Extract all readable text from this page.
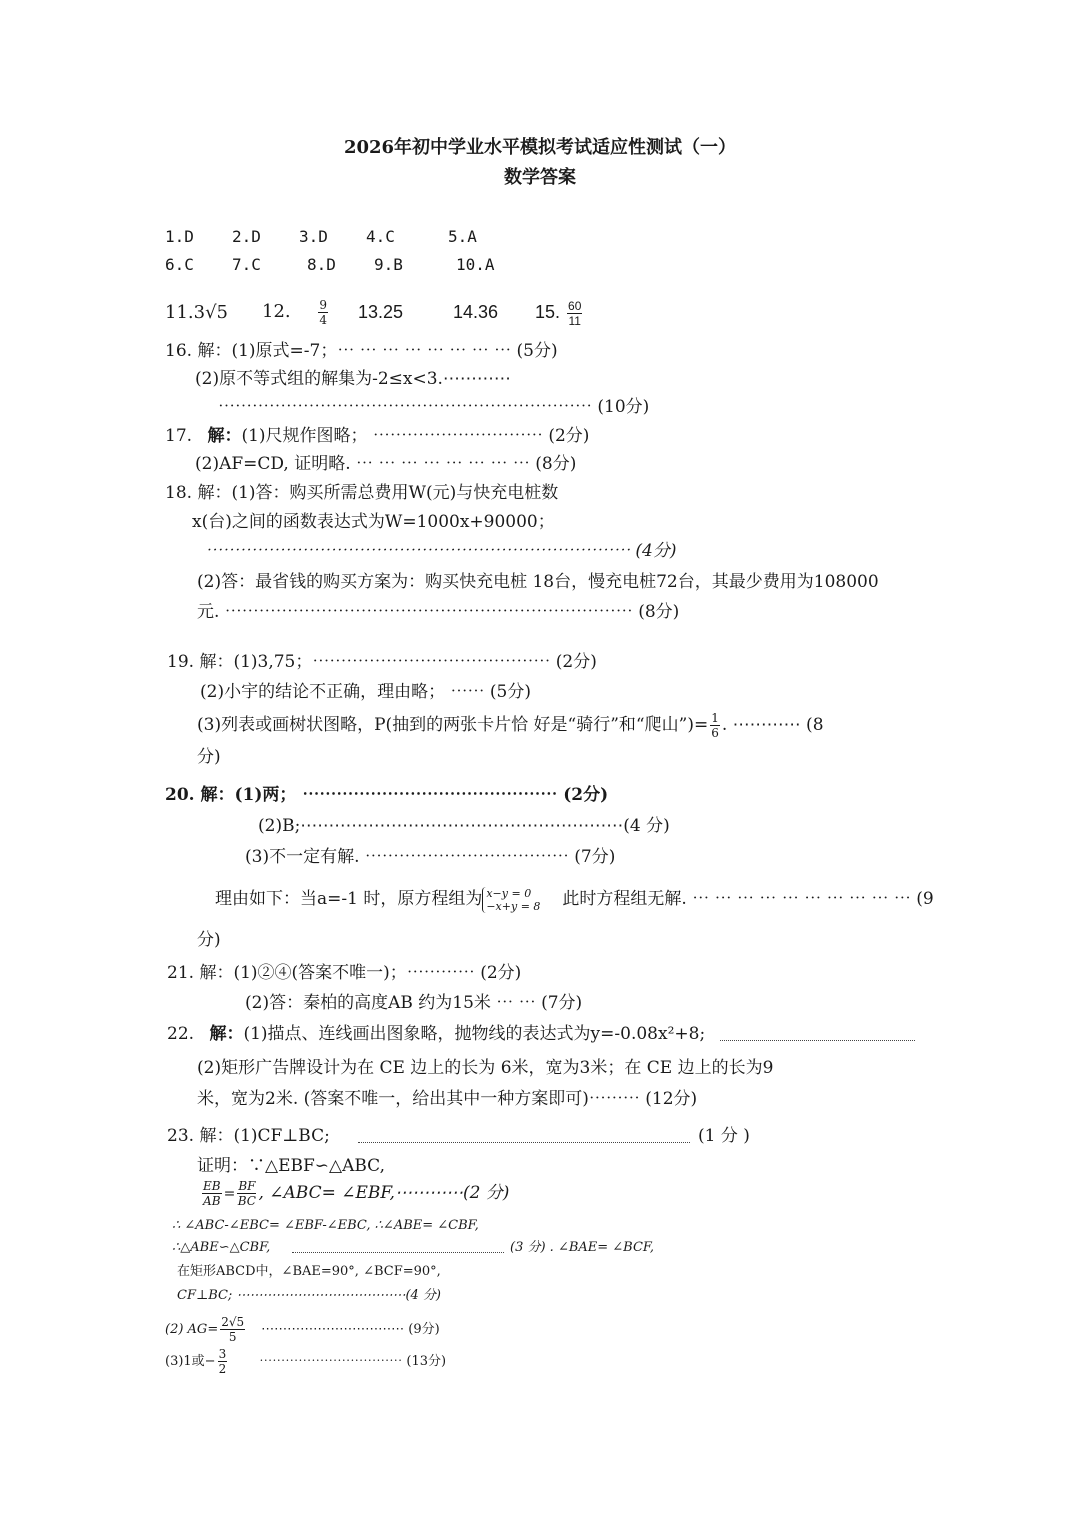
2026年初中学业水平模拟考试适应性测试（一）
数学答案
1.D 2.D 3.D 4.C	5.A
6.C 7.C	8.D 9.B	10.A
11.3√5 12. $\frac{9}{4} 13.25$	14.36 15. $\frac{60}{11}$
16. 解：(1)原式=-7；⋯ ⋯ ⋯ ⋯ ⋯ ⋯ ⋯ ⋯ (5分)
(2)原不等式组的解集为-2≤x<3.⋯⋯⋯⋯
⋯⋯⋯⋯⋯⋯⋯⋯⋯⋯⋯⋯⋯⋯⋯⋯⋯⋯⋯⋯⋯⋯ (10分)
17. 解：(1)尺规作图略； ⋯⋯⋯⋯⋯⋯⋯⋯⋯⋯ (2分)
(2)AF=CD, 证明略. ⋯ ⋯ ⋯ ⋯ ⋯ ⋯ ⋯ ⋯ (8分)
18. 解：(1)答：购买所需总费用W(元)与快充电桩数
x(台)之间的函数表达式为W=1000x+90000；
⋯⋯⋯⋯⋯⋯⋯⋯⋯⋯⋯⋯⋯⋯⋯⋯⋯⋯⋯⋯⋯⋯⋯⋯⋯ (4分)
(2)答：最省钱的购买方案为：购买快充电桩 18台，慢充电桩72台，其最少费用为108000
元. ⋯⋯⋯⋯⋯⋯⋯⋯⋯⋯⋯⋯⋯⋯⋯⋯⋯⋯⋯⋯⋯⋯⋯⋯ (8分)
19. 解：(1)3,75；⋯⋯⋯⋯⋯⋯⋯⋯⋯⋯⋯⋯⋯⋯ (2分)
(2)小宇的结论不正确，理由略； ⋯⋯ (5分)
(3)列表或画树状图略，P(抽到的两张卡片恰 好是“骑行”和“爬山”)= $\frac{1}{6}$ . ⋯⋯⋯⋯ (8
分)
20. 解：(1)两； ⋯⋯⋯⋯⋯⋯⋯⋯⋯⋯⋯⋯⋯⋯⋯ (2分)
(2)B;⋯⋯⋯⋯⋯⋯⋯⋯⋯⋯⋯⋯⋯⋯⋯⋯⋯⋯⋯(4 分)
(3)不一定有解. ⋯⋯⋯⋯⋯⋯⋯⋯⋯⋯⋯⋯ (7分)
理由如下：当a=-1 时，原方程组为 x−y = 0
−x+y = 8 此时方程组无解. ⋯ ⋯ ⋯ ⋯ ⋯ ⋯ ⋯ ⋯ ⋯ ⋯ (9
分)
21. 解：(1)②④(答案不唯一)；⋯⋯⋯⋯ (2分)
(2)答：秦柏的高度AB 约为15米 ⋯ ⋯ (7分)
22. 解：(1)描点、连线画出图象略，抛物线的表达式为y=-0.08x²+8;
(2)矩形广告牌设计为在 CE 边上的长为 6米，宽为3米；在 CE 边上的长为9
米，宽为2米. (答案不唯一，给出其中一种方案即可)⋯⋯⋯ (12分)
23. 解：(1)CF⊥BC;	(1 分 )
证明：∵△EBF∽△ABC,
$\frac{EB}{AB} = \frac{BF}{BC}$ , ∠ABC= ∠EBF,⋯⋯⋯⋯(2 分)
∴ ∠ABC-∠EBC= ∠EBF-∠EBC, ∴∠ABE= ∠CBF,
∴△ABE∽△CBF,	(3 分) . ∠BAE= ∠BCF,
在矩形ABCD中，∠BAE=90°, ∠BCF=90°,
CF⊥BC; ⋯⋯⋯⋯⋯⋯⋯⋯⋯⋯⋯⋯⋯(4 分)
(2) $AG= \frac{2√5}{5}$ ⋯⋯⋯⋯⋯⋯⋯⋯⋯⋯⋯ (9分)
(3)1或− $\frac{3}{2}$ ⋯⋯⋯⋯⋯⋯⋯⋯⋯⋯⋯ (13分)
